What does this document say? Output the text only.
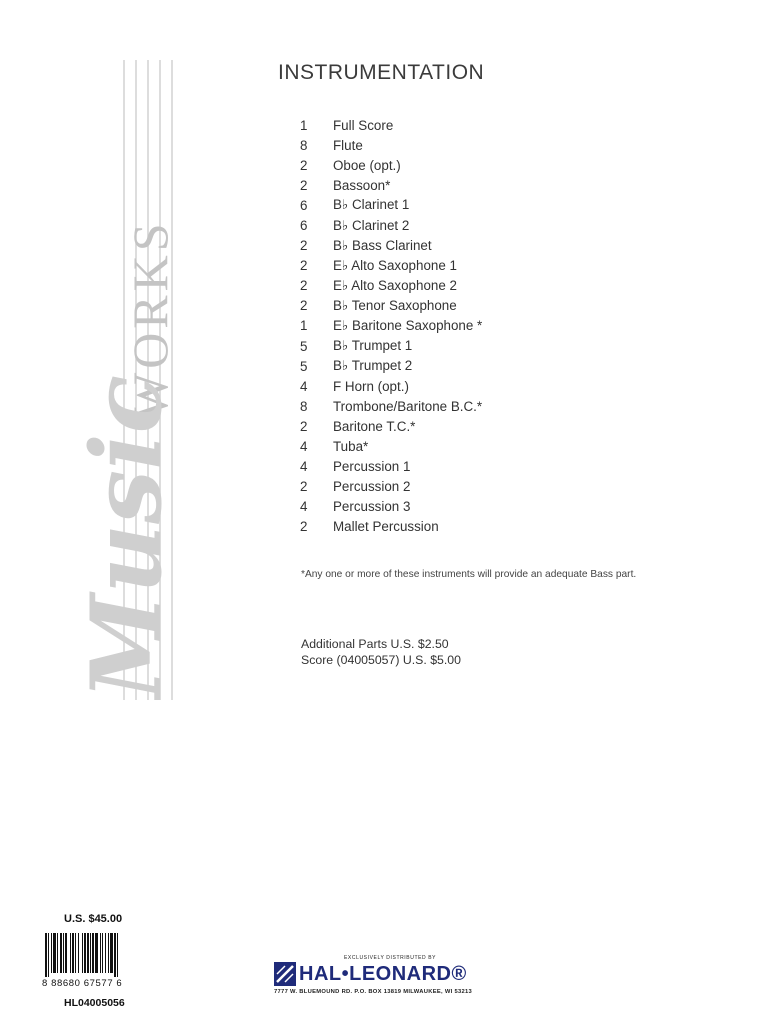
WORKS
Music
INSTRUMENTATION
1	Full Score
8	Flute
2	Oboe (opt.)
2	Bassoon*
6	B♭ Clarinet 1
6	B♭ Clarinet 2
2	B♭ Bass Clarinet
2	E♭ Alto Saxophone 1
2	E♭ Alto Saxophone 2
2	B♭ Tenor Saxophone
1	E♭ Baritone Saxophone *
5	B♭ Trumpet 1
5	B♭ Trumpet 2
4	F Horn (opt.)
8	Trombone/Baritone B.C.*
2	Baritone T.C.*
4	Tuba*
4	Percussion 1
2	Percussion 2
4	Percussion 3
2	Mallet Percussion
*Any one or more of these instruments will provide an adequate Bass part.
Additional Parts U.S. $2.50
Score (04005057) U.S. $5.00
U.S. $45.00
8 88680 67577 6
HL04005056
EXCLUSIVELY DISTRIBUTED BY
HAL•LEONARD®
7777 W. BLUEMOUND RD. P.O. BOX 13819 MILWAUKEE, WI 53213
